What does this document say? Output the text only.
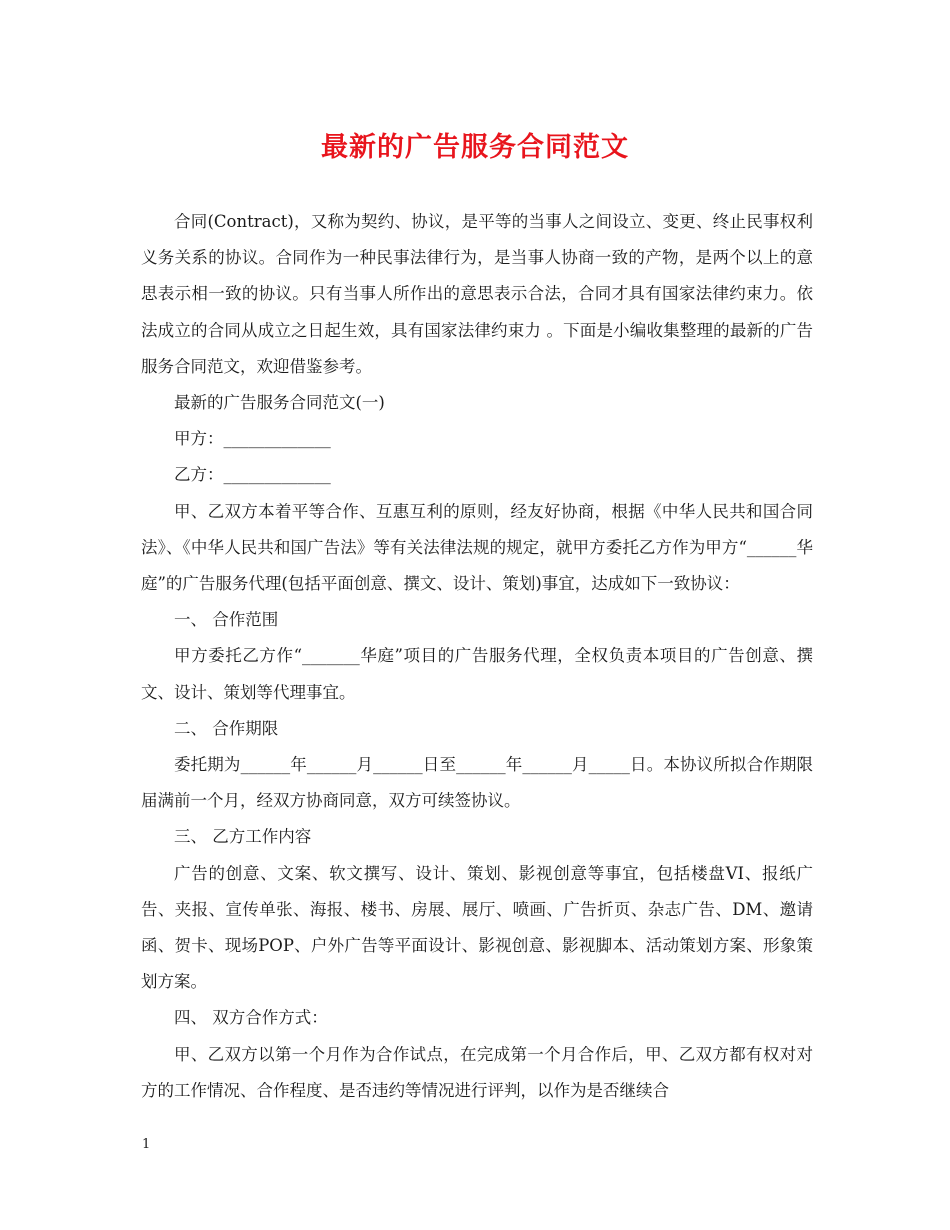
最新的广告服务合同范文

合同(Contract)，又称为契约、协议，是平等的当事人之间设立、变更、终止民事权利义务关系的协议。合同作为一种民事法律行为，是当事人协商一致的产物，是两个以上的意思表示相一致的协议。只有当事人所作出的意思表示合法，合同才具有国家法律约束力。依法成立的合同从成立之日起生效，具有国家法律约束力 。下面是小编收集整理的最新的广告服务合同范文，欢迎借鉴参考。

最新的广告服务合同范文(一)

甲方：_____________

乙方：_____________

甲、乙双方本着平等合作、互惠互利的原则，经友好协商，根据《中华人民共和国合同法》、《中华人民共和国广告法》等有关法律法规的规定，就甲方委托乙方作为甲方“______华庭”的广告服务代理(包括平面创意、撰文、设计、策划)事宜，达成如下一致协议：

一、 合作范围

甲方委托乙方作“_______华庭”项目的广告服务代理，全权负责本项目的广告创意、撰文、设计、策划等代理事宜。

二、 合作期限

委托期为______年______月______日至______年______月_____日。本协议所拟合作期限届满前一个月，经双方协商同意，双方可续签协议。

三、 乙方工作内容

广告的创意、文案、软文撰写、设计、策划、影视创意等事宜，包括楼盘VI、报纸广告、夹报、宣传单张、海报、楼书、房展、展厅、喷画、广告折页、杂志广告、DM、邀请函、贺卡、现场POP、户外广告等平面设计、影视创意、影视脚本、活动策划方案、形象策划方案。

四、 双方合作方式：

甲、乙双方以第一个月作为合作试点，在完成第一个月合作后，甲、乙双方都有权对对方的工作情况、合作程度、是否违约等情况进行评判，以作为是否继续合

1
